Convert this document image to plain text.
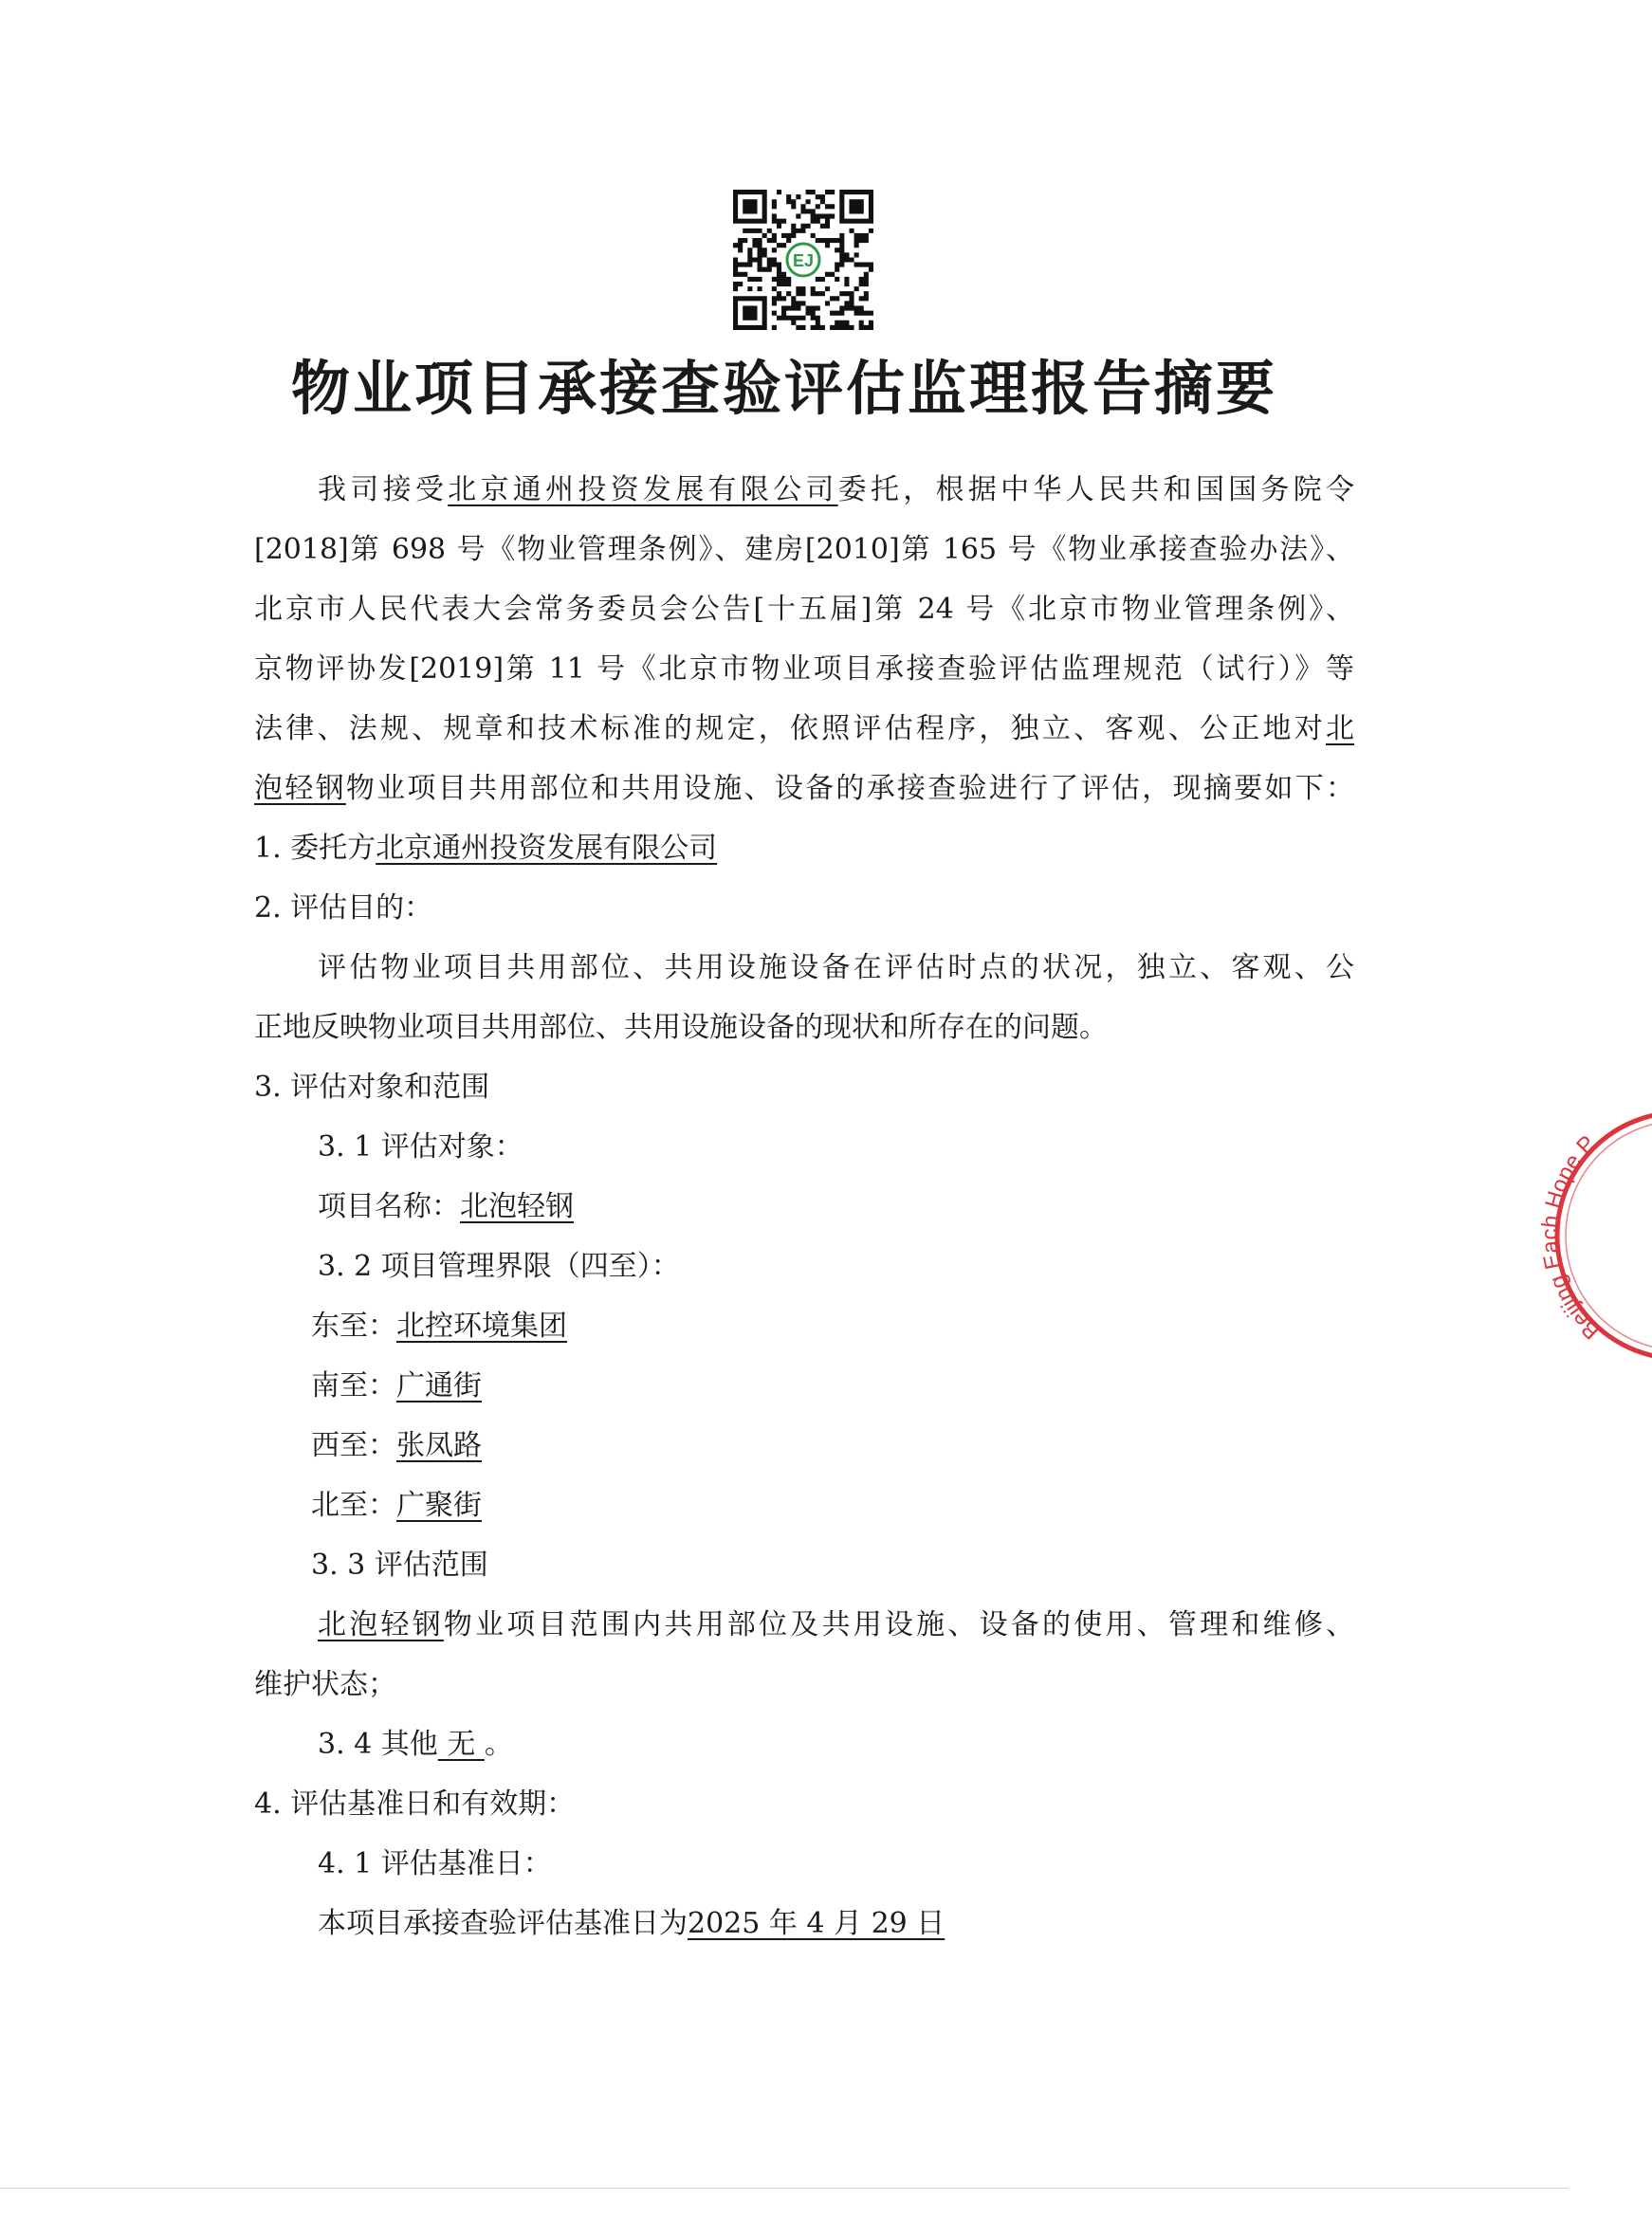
EJ
物业项目承接查验评估监理报告摘要
我司接受北京通州投资发展有限公司委托，根据中华人民共和国国务院令
[2018]第 698 号《物业管理条例》、建房[2010]第 165 号《物业承接查验办法》、
北京市人民代表大会常务委员会公告[十五届]第 24 号《北京市物业管理条例》、
京物评协发[2019]第 11 号《北京市物业项目承接查验评估监理规范（试行）》等
法律、法规、规章和技术标准的规定，依照评估程序，独立、客观、公正地对北
泡轻钢物业项目共用部位和共用设施、设备的承接查验进行了评估，现摘要如下：
1. 委托方北京通州投资发展有限公司
2. 评估目的：
评估物业项目共用部位、共用设施设备在评估时点的状况，独立、客观、公
正地反映物业项目共用部位、共用设施设备的现状和所存在的问题。
3. 评估对象和范围
3. 1 评估对象：
项目名称：北泡轻钢
3. 2 项目管理界限（四至）：
东至：北控环境集团
南至：广通街
西至：张凤路
北至：广聚街
3. 3 评估范围
北泡轻钢物业项目范围内共用部位及共用设施、设备的使用、管理和维修、
维护状态；
3. 4 其他 无 。
4. 评估基准日和有效期：
4. 1 评估基准日：
本项目承接查验评估基准日为2025 年 4 月 29 日
Beijing Each Hope P
